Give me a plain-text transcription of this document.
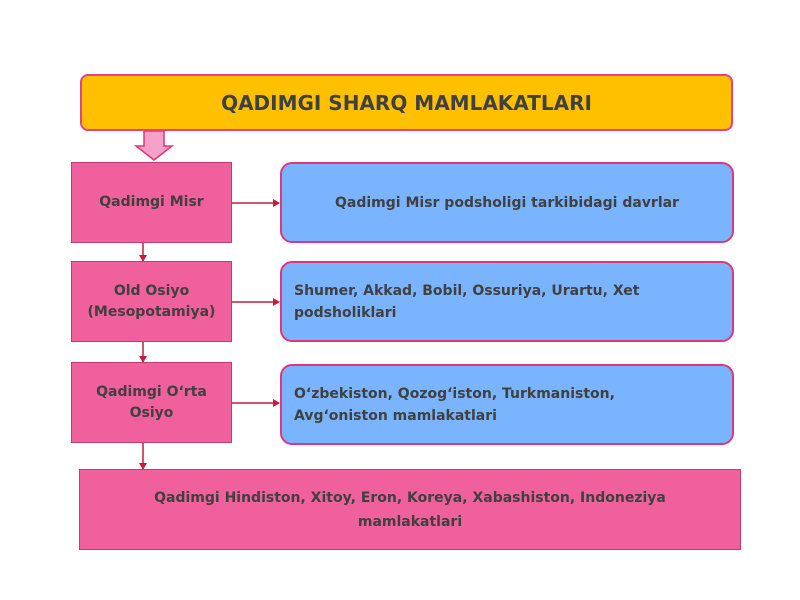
QADIMGI SHARQ MAMLAKATLARI
Qadimgi Misr	Qadimgi Misr podsholigi tarkibidagi davrlar
Old Osiyo (Mesopotamiya)
Shumer, Akkad, Bobil, Ossuriya, Urartu, Xet podsholiklari
Qadimgi O‘rta Osiyo
O‘zbekiston, Qozog‘iston, Turkmaniston, Avg‘oniston mamlakatlari
Qadimgi Hindiston, Xitoy, Eron, Koreya, Xabashiston, Indoneziya mamlakatlari
